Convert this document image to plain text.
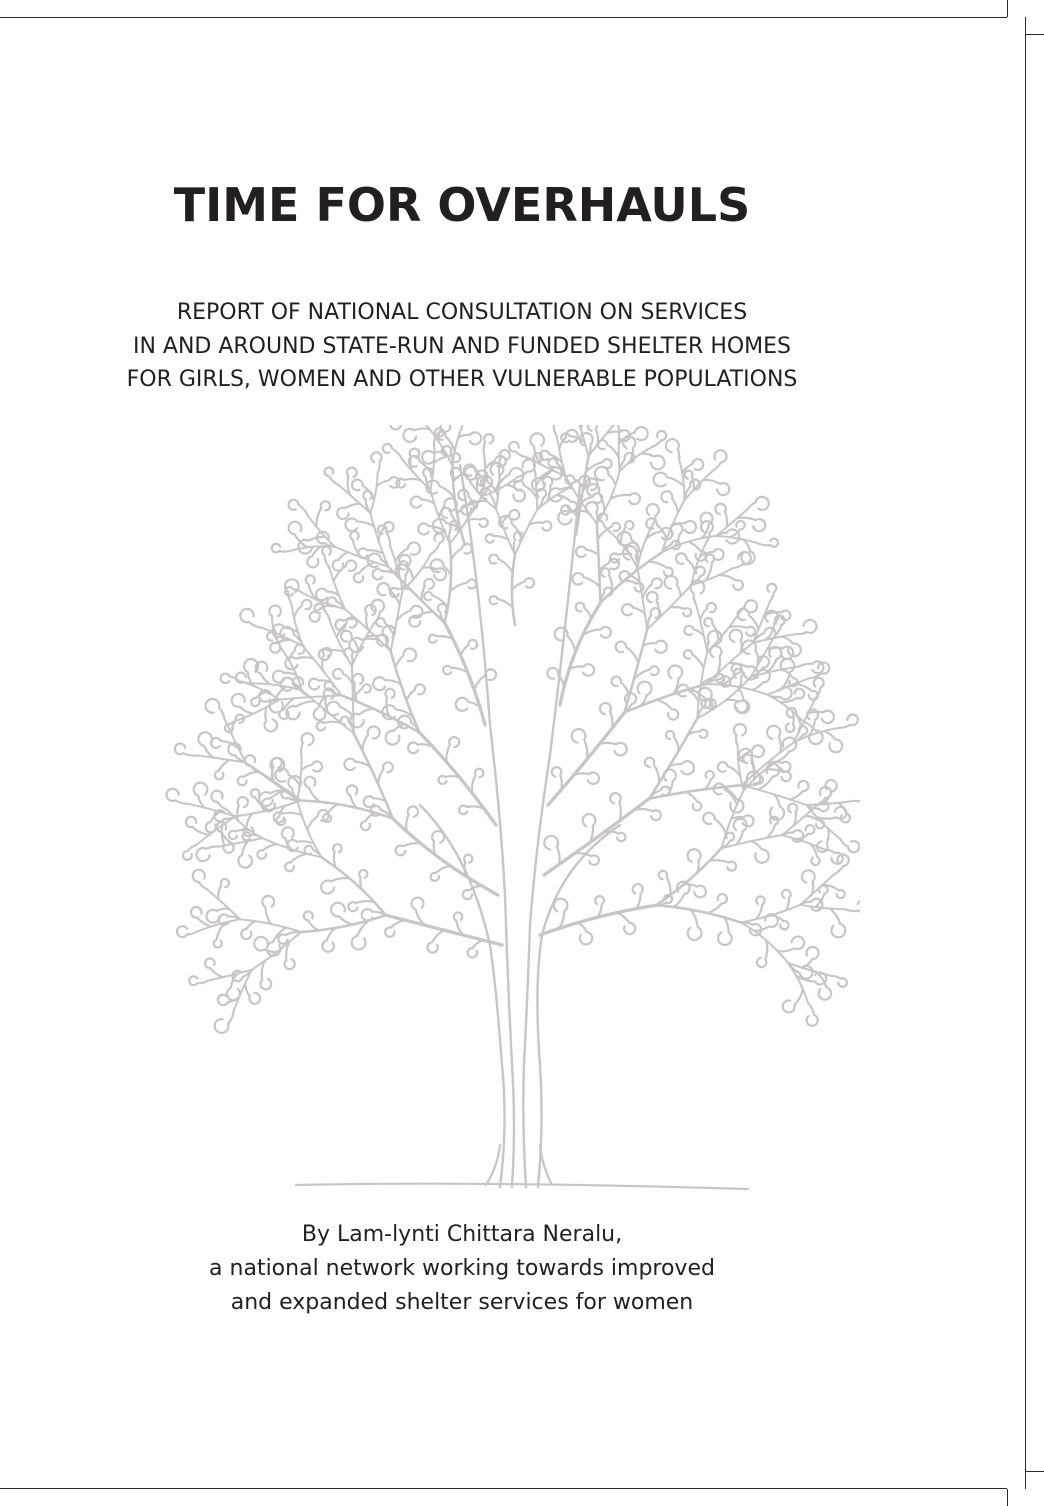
TIME FOR OVERHAULS

REPORT OF NATIONAL CONSULTATION ON SERVICES
IN AND AROUND STATE-RUN AND FUNDED SHELTER HOMES
FOR GIRLS, WOMEN AND OTHER VULNERABLE POPULATIONS

By Lam-lynti Chittara Neralu,
a national network working towards improved
and expanded shelter services for women
